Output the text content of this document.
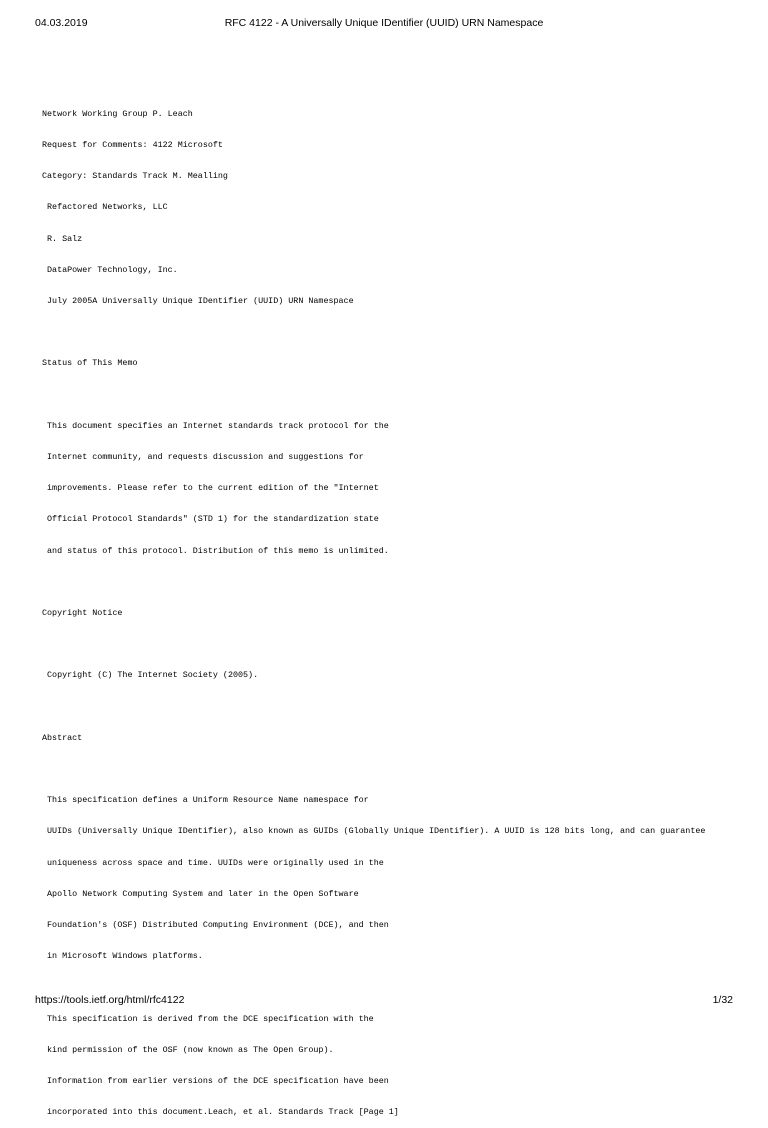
04.03.2019	RFC 4122 - A Universally Unique IDentifier (UUID) URN Namespace

Network Working Group P. Leach

Request for Comments: 4122 Microsoft

Category: Standards Track M. Mealling

Refactored Networks, LLC

R. Salz

DataPower Technology, Inc.

July 2005A Universally Unique IDentifier (UUID) URN Namespace

Status of This Memo

This document specifies an Internet standards track protocol for the

Internet community, and requests discussion and suggestions for

improvements. Please refer to the current edition of the "Internet

Official Protocol Standards" (STD 1) for the standardization state

and status of this protocol. Distribution of this memo is unlimited.

Copyright Notice

Copyright (C) The Internet Society (2005).

Abstract

This specification defines a Uniform Resource Name namespace for

UUIDs (Universally Unique IDentifier), also known as GUIDs (Globally Unique IDentifier). A UUID is 128 bits long, and can guarantee

uniqueness across space and time. UUIDs were originally used in the

Apollo Network Computing System and later in the Open Software

Foundation's (OSF) Distributed Computing Environment (DCE), and then

in Microsoft Windows platforms.

This specification is derived from the DCE specification with the

kind permission of the OSF (now known as The Open Group).

Information from earlier versions of the DCE specification have been

incorporated into this document.Leach, et al. Standards Track [Page 1]

https://tools.ietf.org/html/rfc4122	1/32
